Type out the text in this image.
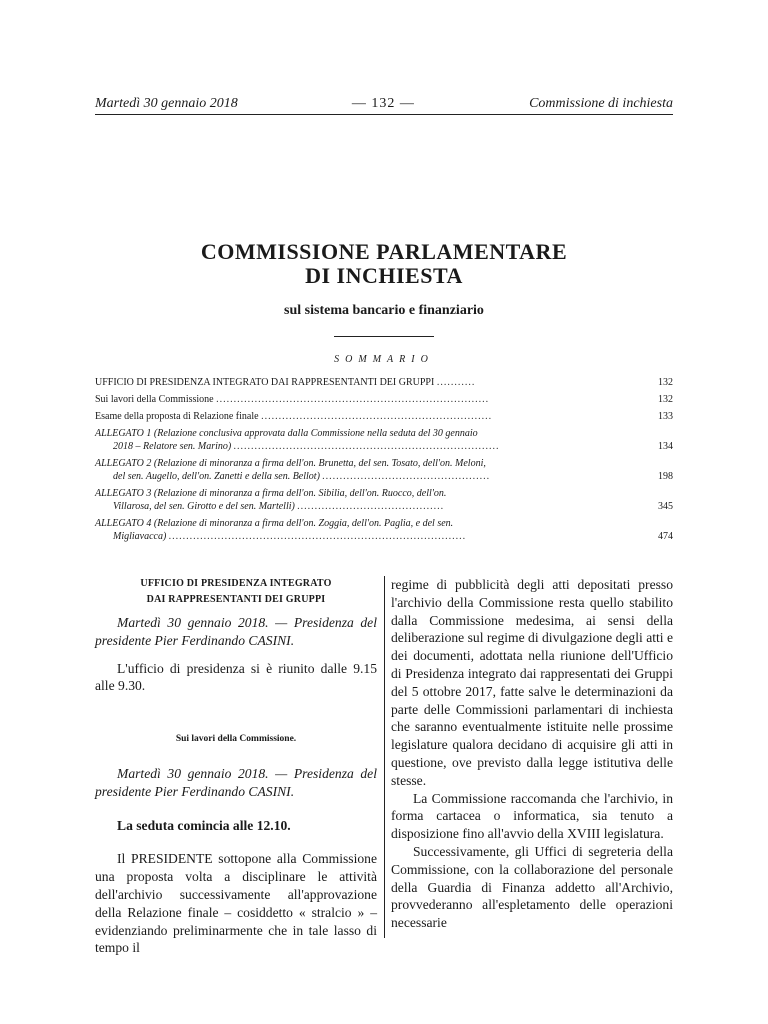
Martedì 30 gennaio 2018	— 132 —	Commissione di inchiesta
COMMISSIONE PARLAMENTARE
DI INCHIESTA
sul sistema bancario e finanziario
SOMMARIO
UFFICIO DI PRESIDENZA INTEGRATO DAI RAPPRESENTANTI DEI GRUPPI ...........	132
Sui lavori della Commissione ..............................................................................	132
Esame della proposta di Relazione finale ..................................................................	133
ALLEGATO 1 (Relazione conclusiva approvata dalla Commissione nella seduta del 30 gennaio
2018 – Relatore sen. Marino) ............................................................................	134
ALLEGATO 2 (Relazione di minoranza a firma dell'on. Brunetta, del sen. Tosato, dell'on. Meloni,
del sen. Augello, dell'on. Zanetti e della sen. Bellot) ................................................	198
ALLEGATO 3 (Relazione di minoranza a firma dell'on. Sibilia, dell'on. Ruocco, dell'on.
Villarosa, del sen. Girotto e del sen. Martelli) ..........................................	345
ALLEGATO 4 (Relazione di minoranza a firma dell'on. Zoggia, dell'on. Paglia, e del sen.
Migliavacca) .....................................................................................	474
UFFICIO DI PRESIDENZA INTEGRATO
DAI RAPPRESENTANTI DEI GRUPPI

Martedì 30 gennaio 2018. — Presidenza del presidente Pier Ferdinando CASINI.

L'ufficio di presidenza si è riunito dalle 9.15 alle 9.30.

Sui lavori della Commissione.

Martedì 30 gennaio 2018. — Presidenza del presidente Pier Ferdinando CASINI.

La seduta comincia alle 12.10.

Il PRESIDENTE sottopone alla Commissione una proposta volta a disciplinare le attività dell'archivio successivamente all'approvazione della Relazione finale – cosiddetto « stralcio » – evidenziando preliminarmente che in tale lasso di tempo il

regime di pubblicità degli atti depositati presso l'archivio della Commissione resta quello stabilito dalla Commissione medesima, ai sensi della deliberazione sul regime di divulgazione degli atti e dei documenti, adottata nella riunione dell'Ufficio di Presidenza integrato dai rappresentati dei Gruppi del 5 ottobre 2017, fatte salve le determinazioni da parte delle Commissioni parlamentari di inchiesta che saranno eventualmente istituite nelle prossime legislature qualora decidano di acquisire gli atti in questione, ove previsto dalla legge istitutiva delle stesse.

La Commissione raccomanda che l'archivio, in forma cartacea o informatica, sia tenuto a disposizione fino all'avvio della XVIII legislatura.

Successivamente, gli Uffici di segreteria della Commissione, con la collaborazione del personale della Guardia di Finanza addetto all'Archivio, provvederanno all'espletamento delle operazioni necessarie
